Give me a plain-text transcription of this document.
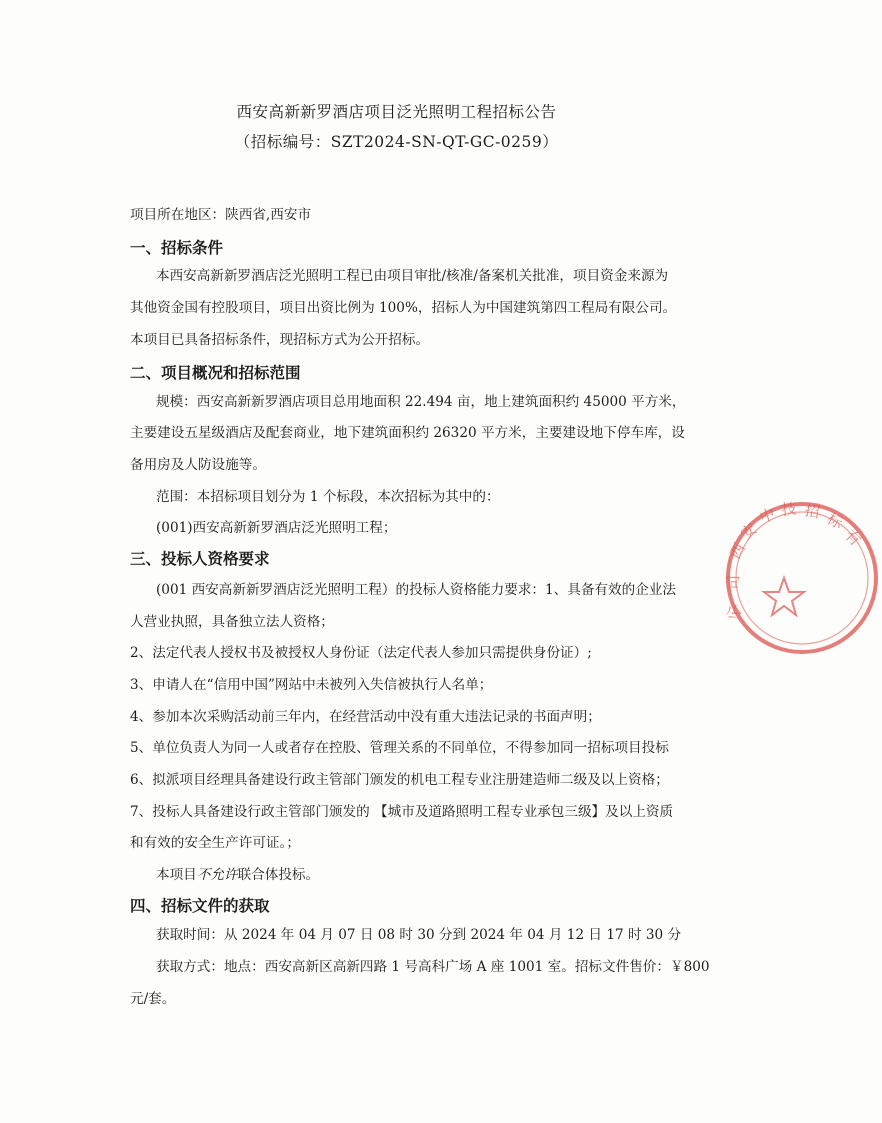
西安高新新罗酒店项目泛光照明工程招标公告
（招标编号：SZT2024-SN-QT-GC-0259）
项目所在地区：陕西省,西安市
一、招标条件
本西安高新新罗酒店泛光照明工程已由项目审批/核准/备案机关批准，项目资金来源为
其他资金国有控股项目，项目出资比例为 100%，招标人为中国建筑第四工程局有限公司。
本项目已具备招标条件，现招标方式为公开招标。
二、项目概况和招标范围
规模：西安高新新罗酒店项目总用地面积 22.494 亩，地上建筑面积约 45000 平方米，
主要建设五星级酒店及配套商业，地下建筑面积约 26320 平方米，主要建设地下停车库，设
备用房及人防设施等。
范围：本招标项目划分为 1 个标段，本次招标为其中的：
(001)西安高新新罗酒店泛光照明工程；
三、投标人资格要求
(001 西安高新新罗酒店泛光照明工程）的投标人资格能力要求：1、具备有效的企业法
人营业执照，具备独立法人资格；
2、法定代表人授权书及被授权人身份证（法定代表人参加只需提供身份证）;
3、申请人在“信用中国”网站中未被列入失信被执行人名单；
4、参加本次采购活动前三年内，在经营活动中没有重大违法记录的书面声明；
5、单位负责人为同一人或者存在控股、管理关系的不同单位，不得参加同一招标项目投标
6、拟派项目经理具备建设行政主管部门颁发的机电工程专业注册建造师二级及以上资格；
7、投标人具备建设行政主管部门颁发的 【城市及道路照明工程专业承包三级】及以上资质
和有效的安全生产许可证。；
本项目不允许联合体投标。
四、招标文件的获取
获取时间：从 2024 年 04 月 07 日 08 时 30 分到 2024 年 04 月 12 日 17 时 30 分
获取方式：地点：西安高新区高新四路 1 号高科广场 A 座 1001 室。招标文件售价：￥800
元/套。
西
安
中 技 招 标
有
司
公
